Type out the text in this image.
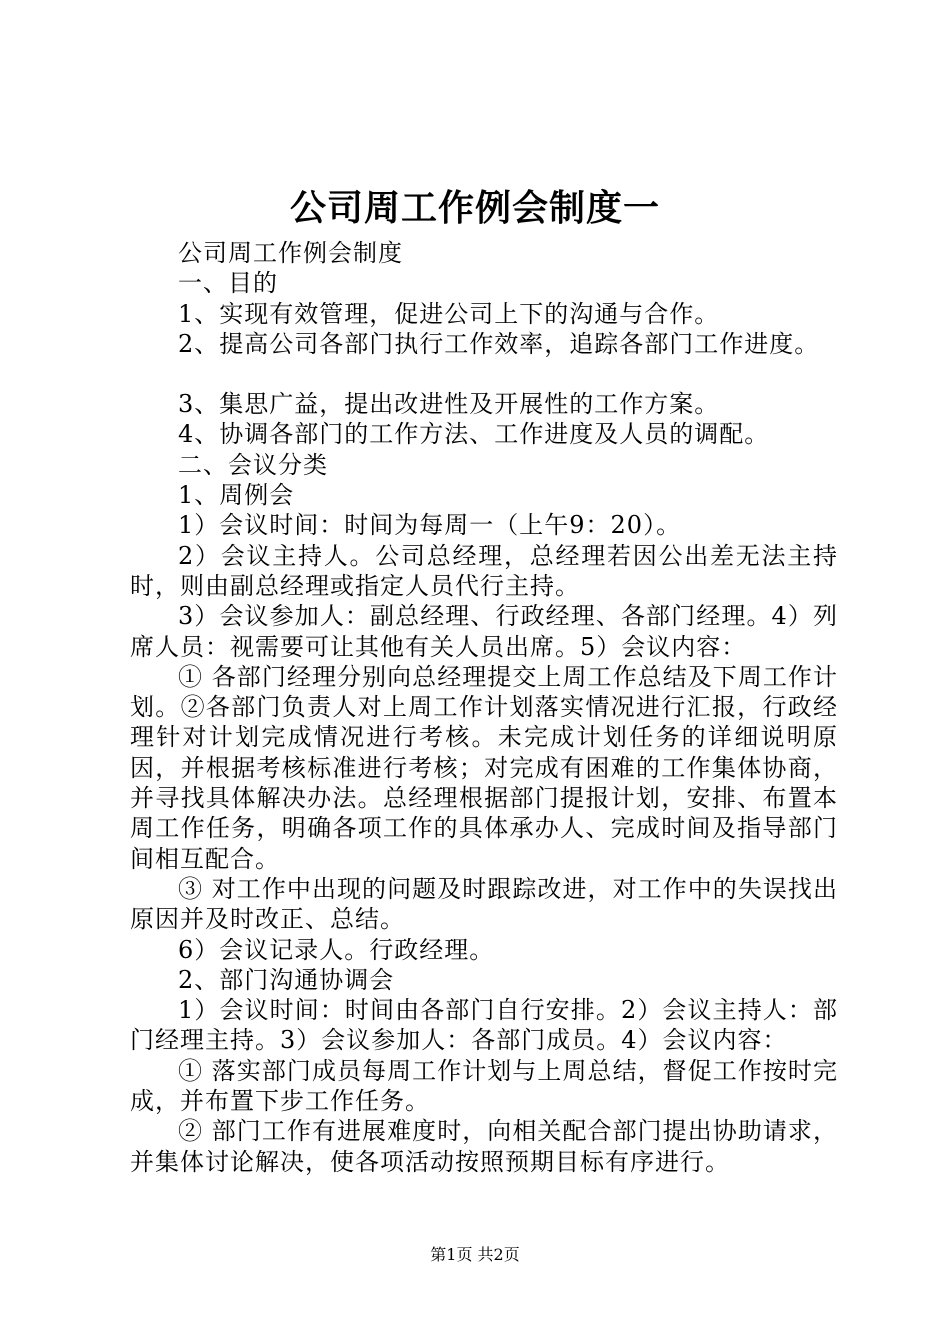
公司周工作例会制度一

公司周工作例会制度

一、目的

1、实现有效管理，促进公司上下的沟通与合作。

2、提高公司各部门执行工作效率，追踪各部门工作进度。

3、集思广益，提出改进性及开展性的工作方案。

4、协调各部门的工作方法、工作进度及人员的调配。

二、会议分类

1、周例会

1）会议时间：时间为每周一（上午9：20）。

2）会议主持人。公司总经理，总经理若因公出差无法主持时，则由副总经理或指定人员代行主持。

3）会议参加人：副总经理、行政经理、各部门经理。4）列席人员：视需要可让其他有关人员出席。5）会议内容：

① 各部门经理分别向总经理提交上周工作总结及下周工作计划。②各部门负责人对上周工作计划落实情况进行汇报，行政经理针对计划完成情况进行考核。未完成计划任务的详细说明原因，并根据考核标准进行考核；对完成有困难的工作集体协商，并寻找具体解决办法。总经理根据部门提报计划，安排、布置本周工作任务，明确各项工作的具体承办人、完成时间及指导部门间相互配合。

③ 对工作中出现的问题及时跟踪改进，对工作中的失误找出原因并及时改正、总结。

6）会议记录人。行政经理。

2、部门沟通协调会

1）会议时间：时间由各部门自行安排。2）会议主持人：部门经理主持。3）会议参加人：各部门成员。4）会议内容：

① 落实部门成员每周工作计划与上周总结，督促工作按时完成，并布置下步工作任务。

② 部门工作有进展难度时，向相关配合部门提出协助请求，并集体讨论解决，使各项活动按照预期目标有序进行。

第1页 共2页
